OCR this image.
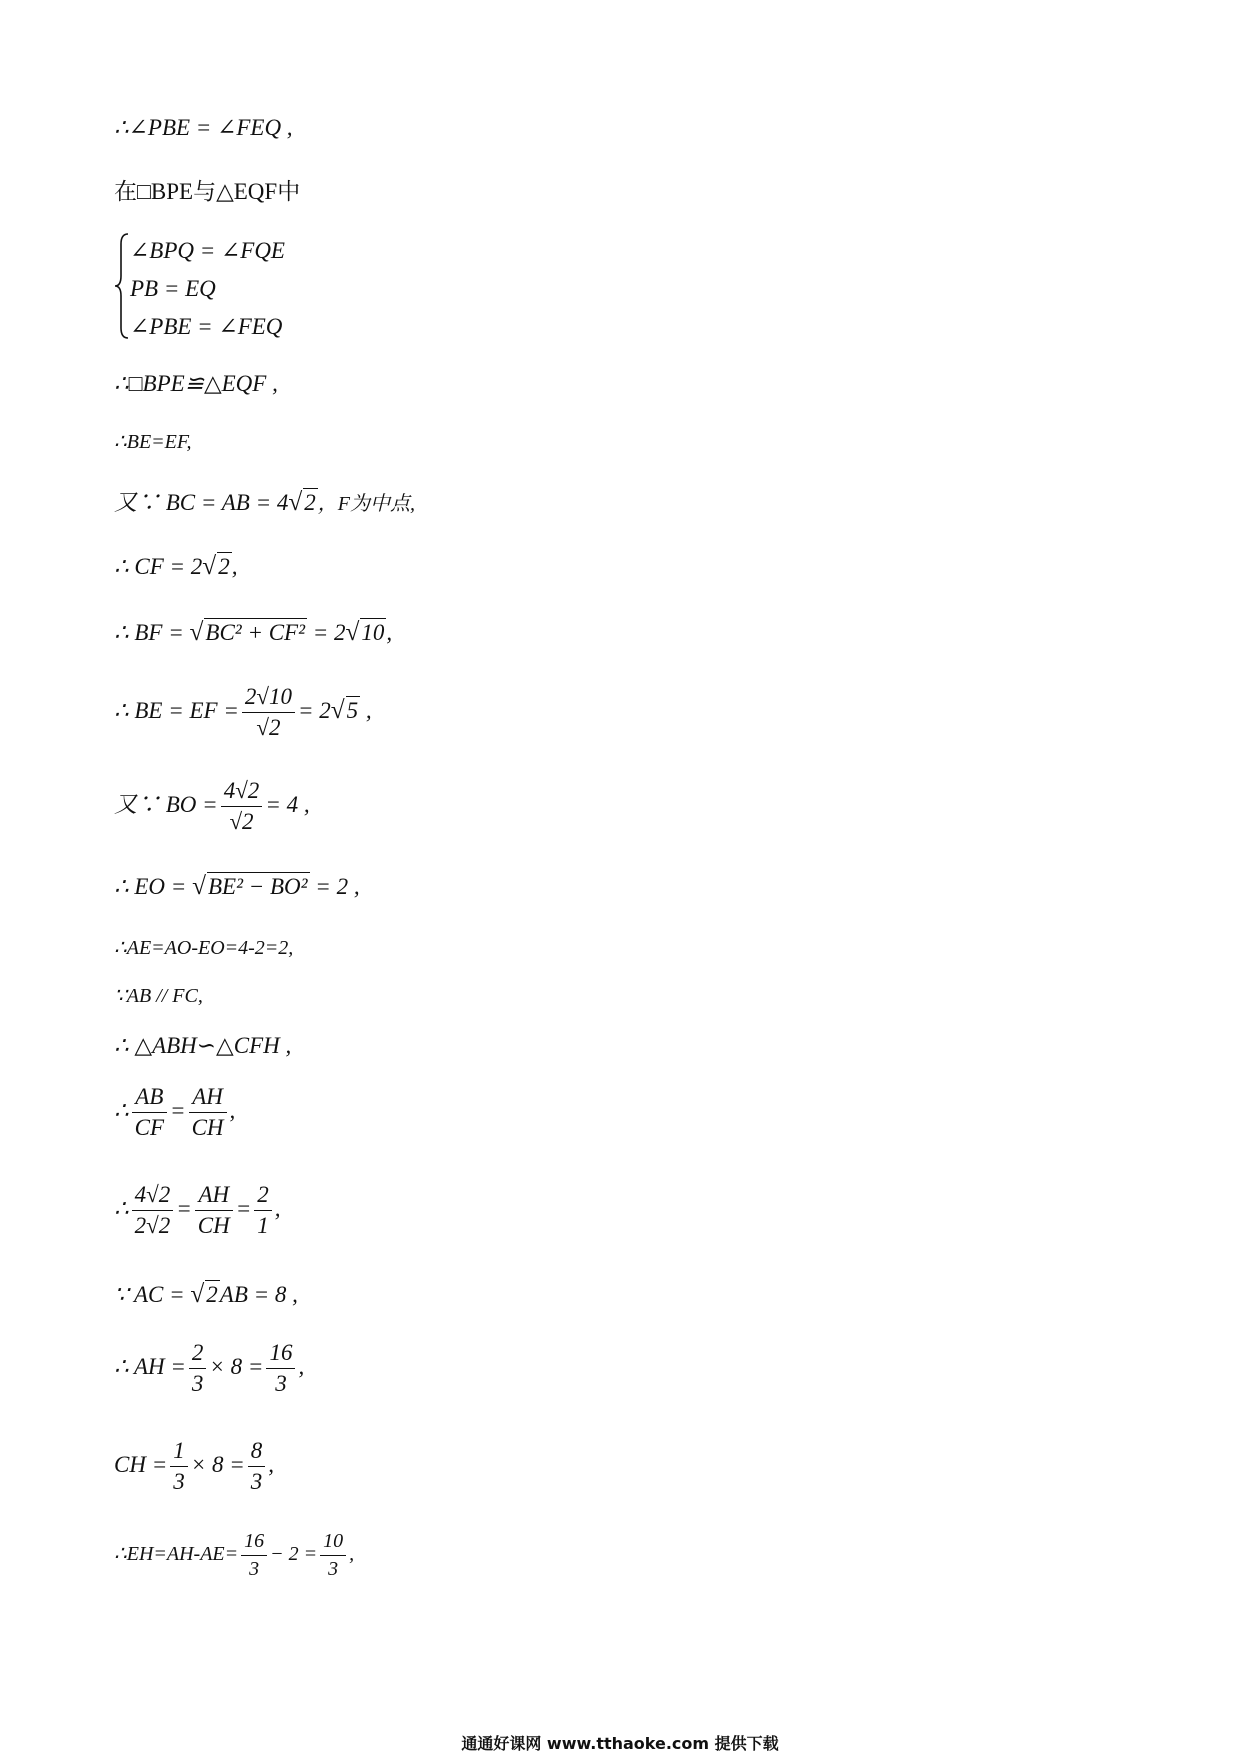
∴∠PBE = ∠FEQ ,
在□BPE与△EQF中
∠BPQ = ∠FQE
PB = EQ
∠PBE = ∠FEQ
∴□BPE≌△EQF ,
∴BE=EF,
又∵ BC = AB = 4√2 ，F为中点,
∴ CF = 2√2,
∴ BF = √BC² + CF² = 2√10,
∴ BE = EF = $\frac{2√10}{√2} = 2√5$ ,
又∵ BO = $\frac{4√2}{√2} = 4$ ,
∴ EO = √BE² − BO² = 2 ,
∴AE=AO-EO=4-2=2,
∵AB // FC,
∴ △ABH∽△CFH ,
∴ $\frac{AB}{CF} = \frac{AH}{CH}$ ,
∴ $\frac{4√2}{2√2} = \frac{AH}{CH} = \frac{2}{1}$ ,
∵ AC = √2AB = 8 ,
∴ AH = $\frac{2}{3} \times 8 = \frac{16}{3}$ ,
CH = $\frac{1}{3} \times 8 = \frac{8}{3}$ ,
∴EH=AH-AE= $\frac{16}{3} - 2 = \frac{10}{3}$ ,
通通好课网 www.tthaoke.com 提供下载
